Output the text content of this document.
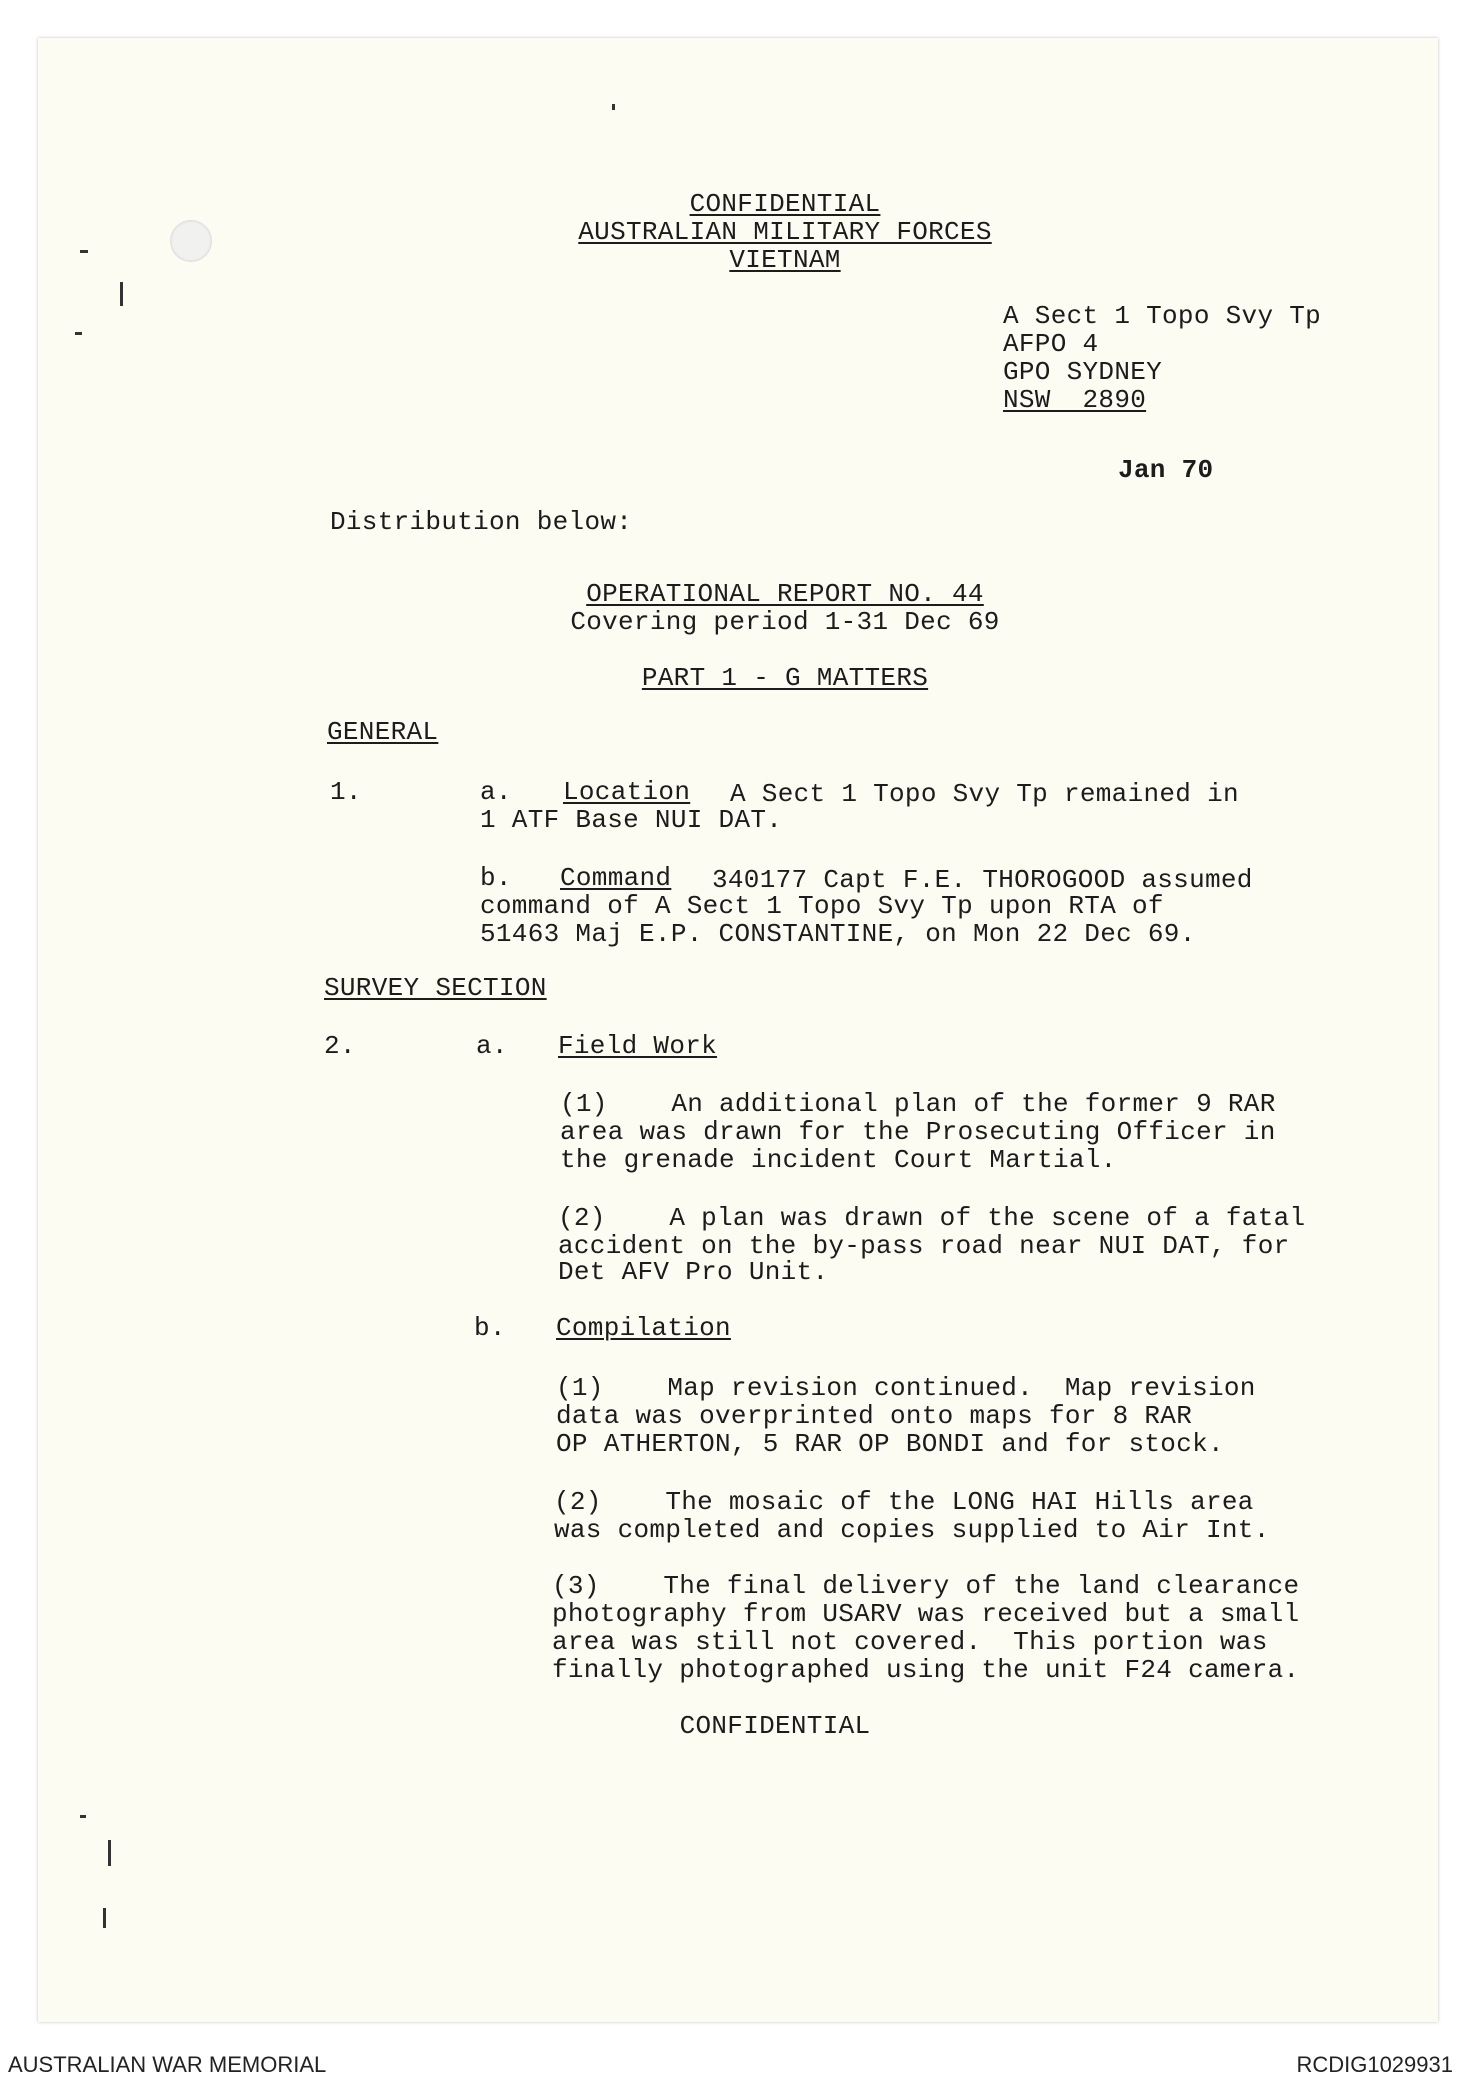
CONFIDENTIAL
AUSTRALIAN MILITARY FORCES
VIETNAM
A Sect 1 Topo Svy Tp
AFPO 4
GPO SYDNEY
NSW  2890
Jan 70
Distribution below:
OPERATIONAL REPORT NO. 44
Covering period 1-31 Dec 69
PART 1 - G MATTERS
GENERAL
1.	a. Location A Sect 1 Topo Svy Tp remained in
1 ATF Base NUI DAT.
b. Command 340177 Capt F.E. THOROGOOD assumed
command of A Sect 1 Topo Svy Tp upon RTA of
51463 Maj E.P. CONSTANTINE, on Mon 22 Dec 69.
SURVEY SECTION
2.	a. Field Work
(1)    An additional plan of the former 9 RAR
area was drawn for the Prosecuting Officer in
the grenade incident Court Martial.
(2)    A plan was drawn of the scene of a fatal
accident on the by-pass road near NUI DAT, for
Det AFV Pro Unit.
b. Compilation
(1)    Map revision continued.  Map revision
data was overprinted onto maps for 8 RAR
OP ATHERTON, 5 RAR OP BONDI and for stock.
(2)    The mosaic of the LONG HAI Hills area
was completed and copies supplied to Air Int.
(3)    The final delivery of the land clearance
photography from USARV was received but a small
area was still not covered.  This portion was
finally photographed using the unit F24 camera.
CONFIDENTIAL
AUSTRALIAN WAR MEMORIAL	RCDIG1029931
